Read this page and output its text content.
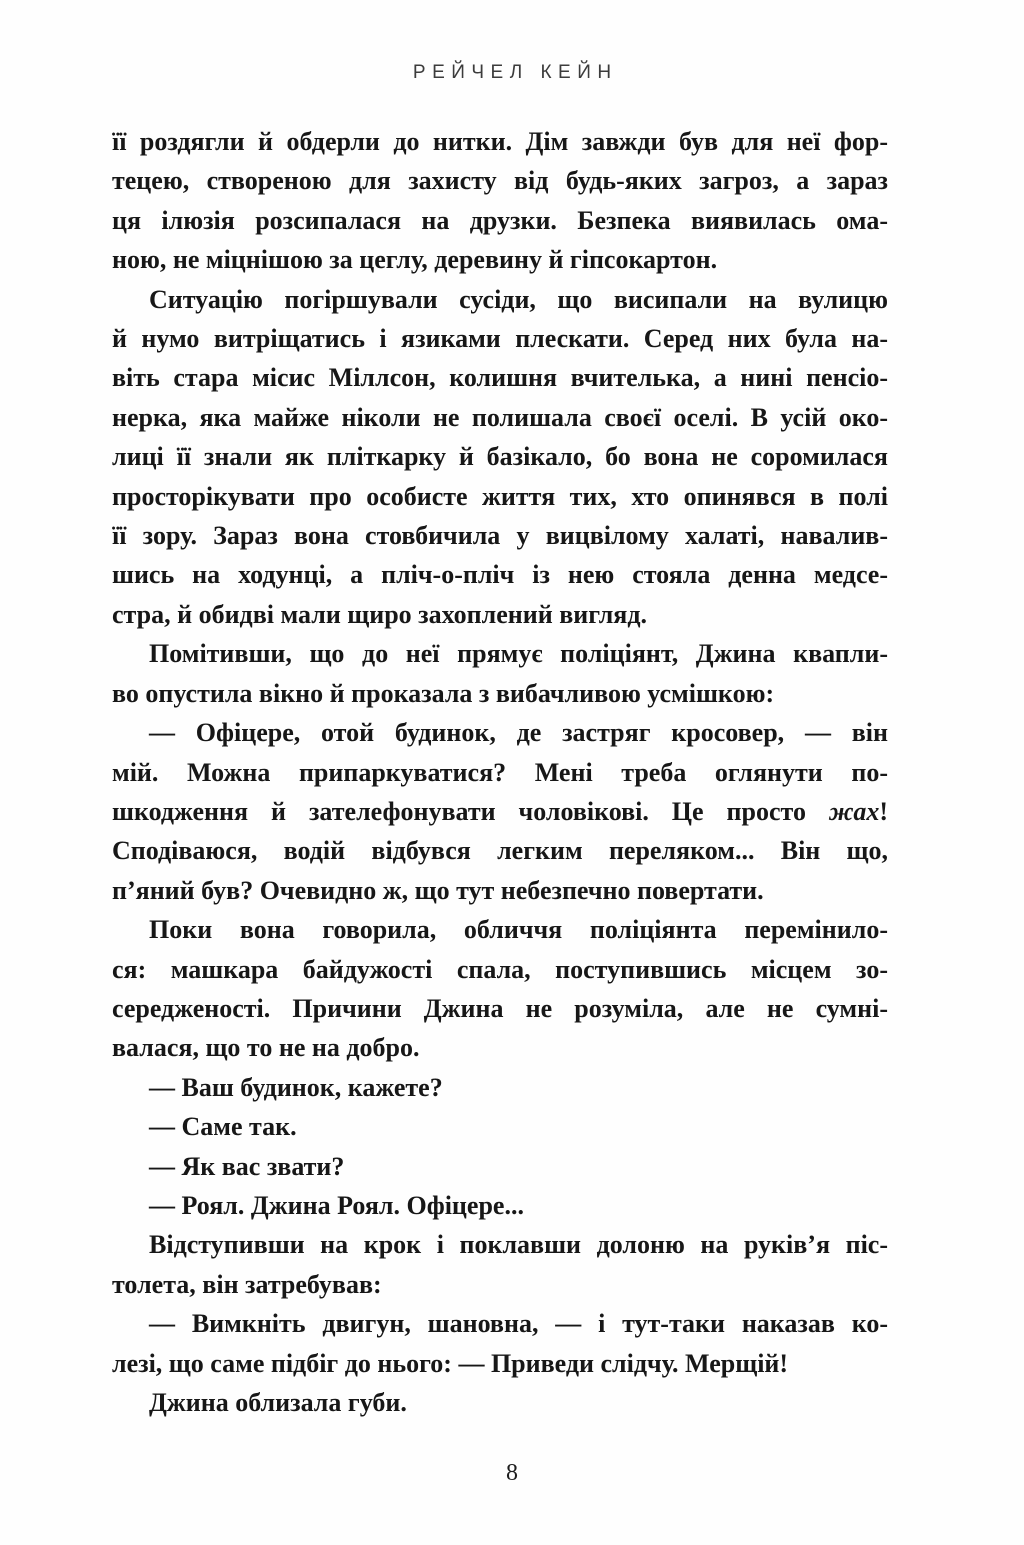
РЕЙЧЕЛ КЕЙН
її роздягли й обдерли до нитки. Дім завжди був для неї фор-
тецею, створеною для захисту від будь-яких загроз, а зараз
ця ілюзія розсипалася на друзки. Безпека виявилась ома-
ною, не міцнішою за цеглу, деревину й гіпсокартон.
Ситуацію погіршували сусіди, що висипали на вулицю
й нумо витріщатись і язиками плескати. Серед них була на-
віть стара місис Міллсон, колишня вчителька, а нині пенсіо-
нерка, яка майже ніколи не полишала своєї оселі. В усій око-
лиці її знали як пліткарку й базікало, бо вона не соромилася
просторікувати про особисте життя тих, хто опинявся в полі
її зору. Зараз вона стовбичила у вицвілому халаті, навалив-
шись на ходунці, а пліч-о-пліч із нею стояла денна медсе-
стра, й обидві мали щиро захоплений вигляд.
Помітивши, що до неї прямує поліціянт, Джина квапли-
во опустила вікно й проказала з вибачливою усмішкою:
— Офіцере, отой будинок, де застряг кросовер, — він
мій. Можна припаркуватися? Мені треба оглянути по-
шкодження й зателефонувати чоловікові. Це просто жах!
Сподіваюся, водій відбувся легким переляком... Він що,
п’яний був? Очевидно ж, що тут небезпечно повертати.
Поки вона говорила, обличчя поліціянта перемінило-
ся: машкара байдужості спала, поступившись місцем зо-
середженості. Причини Джина не розуміла, але не сумні-
валася, що то не на добро.
— Ваш будинок, кажете?
— Саме так.
— Як вас звати?
— Роял. Джина Роял. Офіцере...
Відступивши на крок і поклавши долоню на руків’я піс-
толета, він затребував:
— Вимкніть двигун, шановна, — і тут-таки наказав ко-
лезі, що саме підбіг до нього: — Приведи слідчу. Мерщій!
Джина облизала губи.
8
